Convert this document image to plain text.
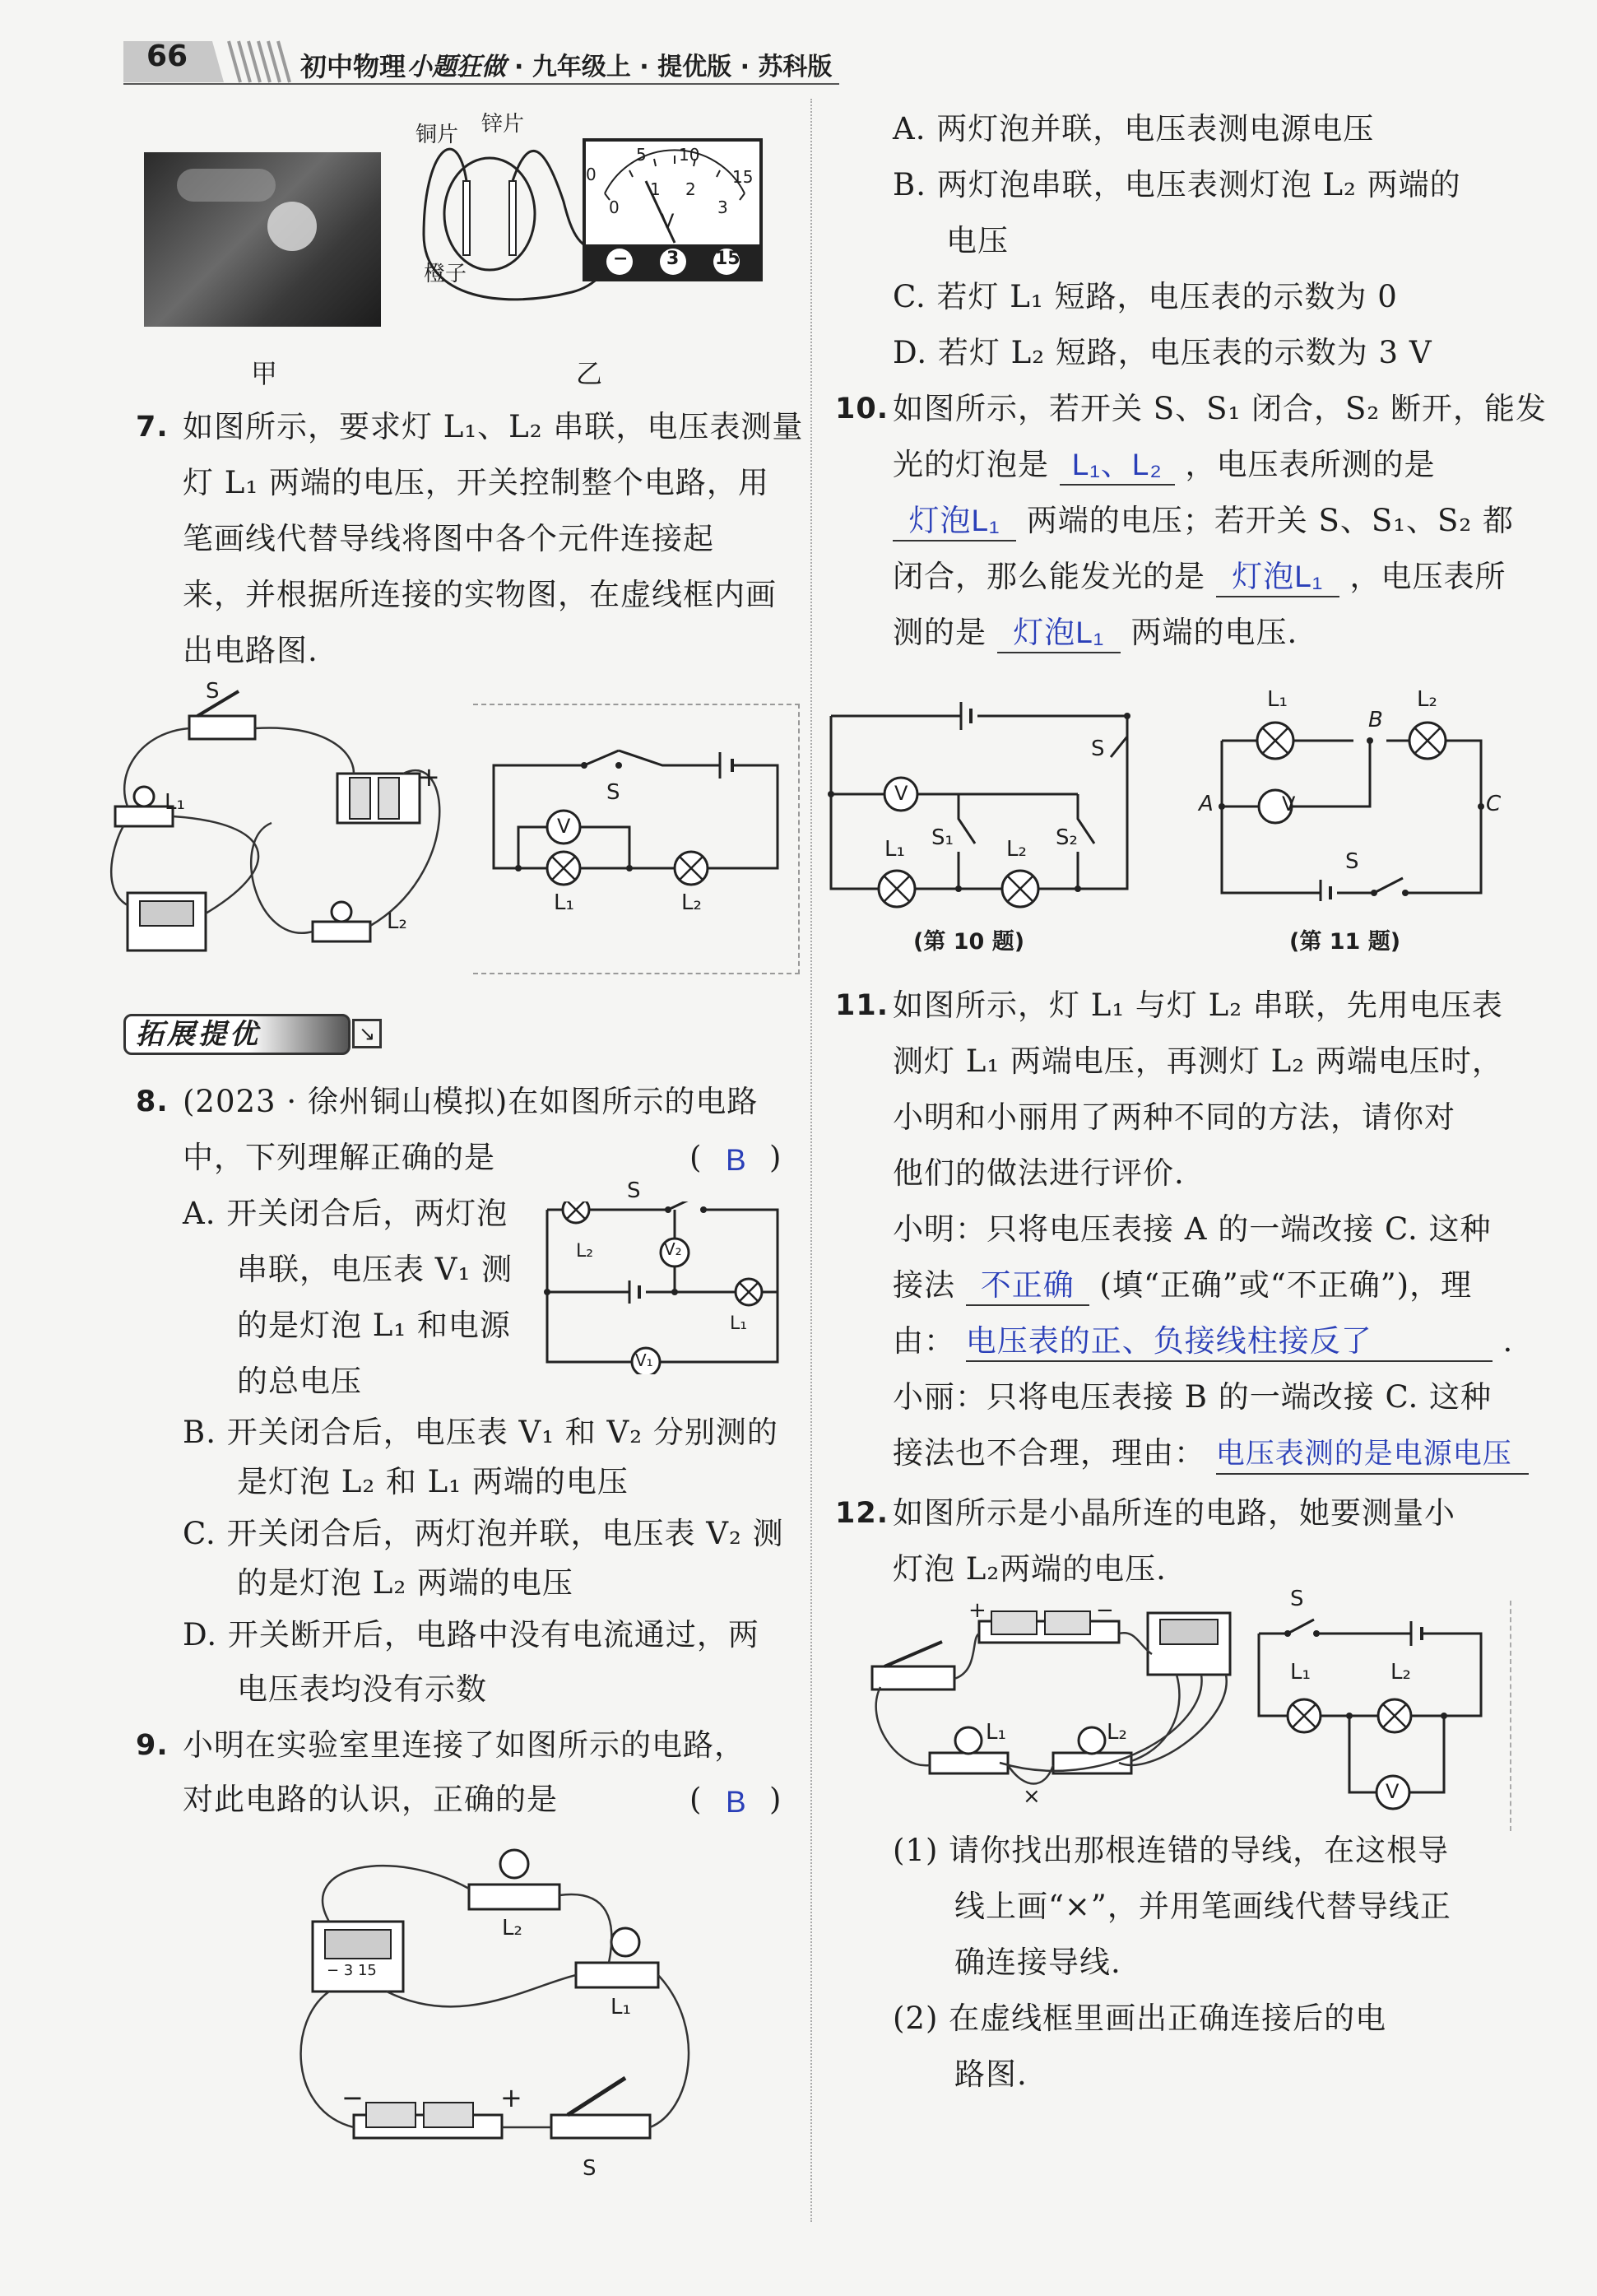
66	初中物理 小题狂做 · 九年级上 · 提优版 · 苏科版
甲
铜片 锌片
橙子
0
5 10
15
0
1 2
3
V
− 3 15
乙
7. 如图所示，要求灯 L₁、L₂ 串联，电压表测量
灯 L₁ 两端的电压，开关控制整个电路，用
笔画线代替导线将图中各个元件连接起
来，并根据所连接的实物图，在虚线框内画
出电路图.
S
L₁
+
L₂
S
V
L₁	L₂
拓展提优	↘
8. (2023 · 徐州铜山模拟)在如图所示的电路
中，下列理解正确的是	( B )
A. 开关闭合后，两灯泡
串联，电压表 V₁ 测
的是灯泡 L₁ 和电源
的总电压
S
L₂	V₂
L₁
V₁
B. 开关闭合后，电压表 V₁ 和 V₂ 分别测的
是灯泡 L₂ 和 L₁ 两端的电压
C. 开关闭合后，两灯泡并联，电压表 V₂ 测
的是灯泡 L₂ 两端的电压
D. 开关断开后，电路中没有电流通过，两
电压表均没有示数
9. 小明在实验室里连接了如图所示的电路，
对此电路的认识，正确的是	( B )
L₂
− 3 15
L₁
−	+
S
A. 两灯泡并联，电压表测电源电压
B. 两灯泡串联，电压表测灯泡 L₂ 两端的
电压
C. 若灯 L₁ 短路，电压表的示数为 0
D. 若灯 L₂ 短路，电压表的示数为 3 V
10. 如图所示，若开关 S、S₁ 闭合，S₂ 断开，能发
光的灯泡是 L₁、L₂ ，电压表所测的是
灯泡L₁ 两端的电压；若开关 S、S₁、S₂ 都
闭合，那么能发光的是 灯泡L₁ ，电压表所
测的是 灯泡L₁ 两端的电压.
S
V
S₁	S₂
L₁	L₂
(第 10 题)
L₁
B
L₂
A	V	C
S
(第 11 题)
11. 如图所示，灯 L₁ 与灯 L₂ 串联，先用电压表
测灯 L₁ 两端电压，再测灯 L₂ 两端电压时，
小明和小丽用了两种不同的方法，请你对
他们的做法进行评价.
小明：只将电压表接 A 的一端改接 C. 这种
接法 不正确 (填“正确”或“不正确”)，理
由： 电压表的正、负接线柱接反了	.
小丽：只将电压表接 B 的一端改接 C. 这种
接法也不合理，理由： 电压表测的是电源电压
12. 如图所示是小晶所连的电路，她要测量小
灯泡 L₂两端的电压.
+	−
L₁	L₂
×
S
L₁	L₂
V
(1) 请你找出那根连错的导线，在这根导
线上画“×”，并用笔画线代替导线正
确连接导线.
(2) 在虚线框里画出正确连接后的电
路图.
